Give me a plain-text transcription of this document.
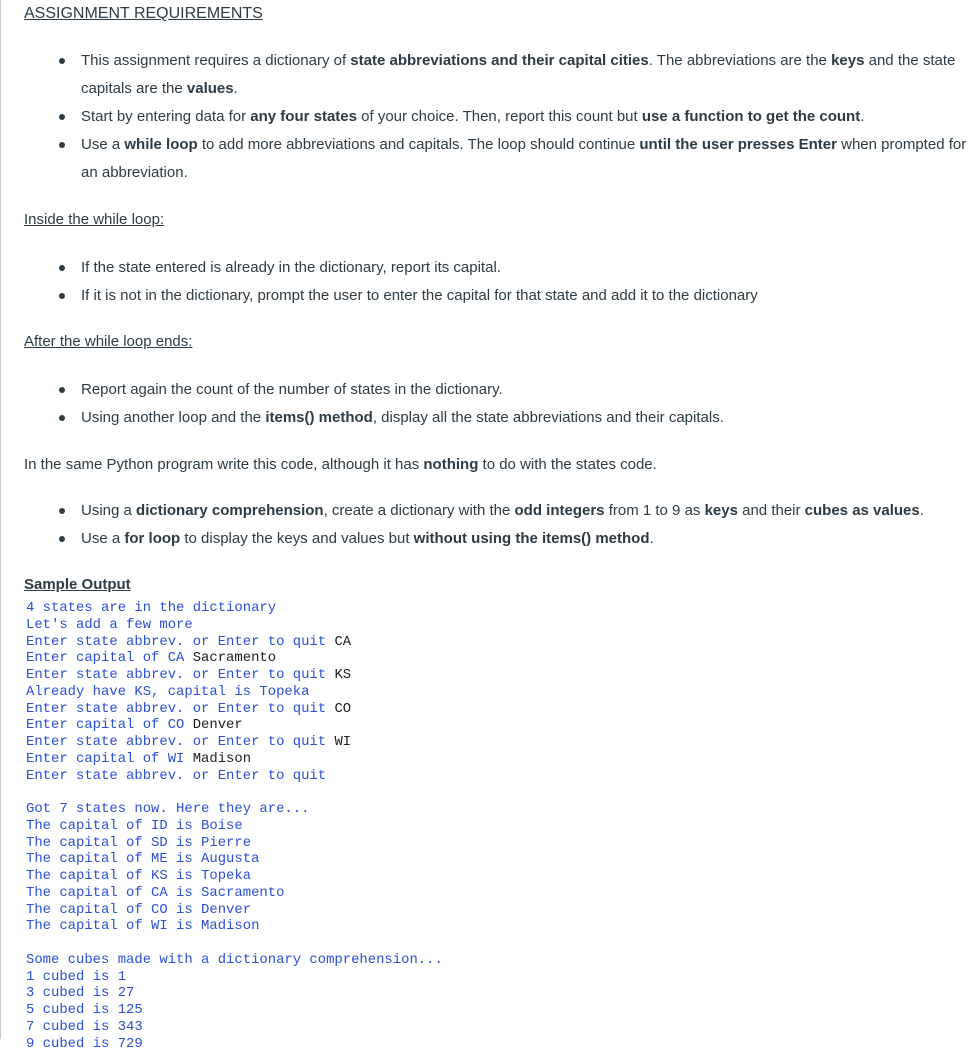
ASSIGNMENT REQUIREMENTS
This assignment requires a dictionary of state abbreviations and their capital cities. The abbreviations are the keys and the state capitals are the values.
Start by entering data for any four states of your choice. Then, report this count but use a function to get the count.
Use a while loop to add more abbreviations and capitals. The loop should continue until the user presses Enter when prompted for an abbreviation.
Inside the while loop:
If the state entered is already in the dictionary, report its capital.
If it is not in the dictionary, prompt the user to enter the capital for that state and add it to the dictionary
After the while loop ends:
Report again the count of the number of states in the dictionary.
Using another loop and the items() method, display all the state abbreviations and their capitals.
In the same Python program write this code, although it has nothing to do with the states code.
Using a dictionary comprehension, create a dictionary with the odd integers from 1 to 9 as keys and their cubes as values.
Use a for loop to display the keys and values but without using the items() method.
Sample Output
4 states are in the dictionary
Let's add a few more
Enter state abbrev. or Enter to quit CA
Enter capital of CA Sacramento
Enter state abbrev. or Enter to quit KS
Already have KS, capital is Topeka
Enter state abbrev. or Enter to quit CO
Enter capital of CO Denver
Enter state abbrev. or Enter to quit WI
Enter capital of WI Madison
Enter state abbrev. or Enter to quit

Got 7 states now. Here they are...
The capital of ID is Boise
The capital of SD is Pierre
The capital of ME is Augusta
The capital of KS is Topeka
The capital of CA is Sacramento
The capital of CO is Denver
The capital of WI is Madison

Some cubes made with a dictionary comprehension...
1 cubed is 1
3 cubed is 27
5 cubed is 125
7 cubed is 343
9 cubed is 729
